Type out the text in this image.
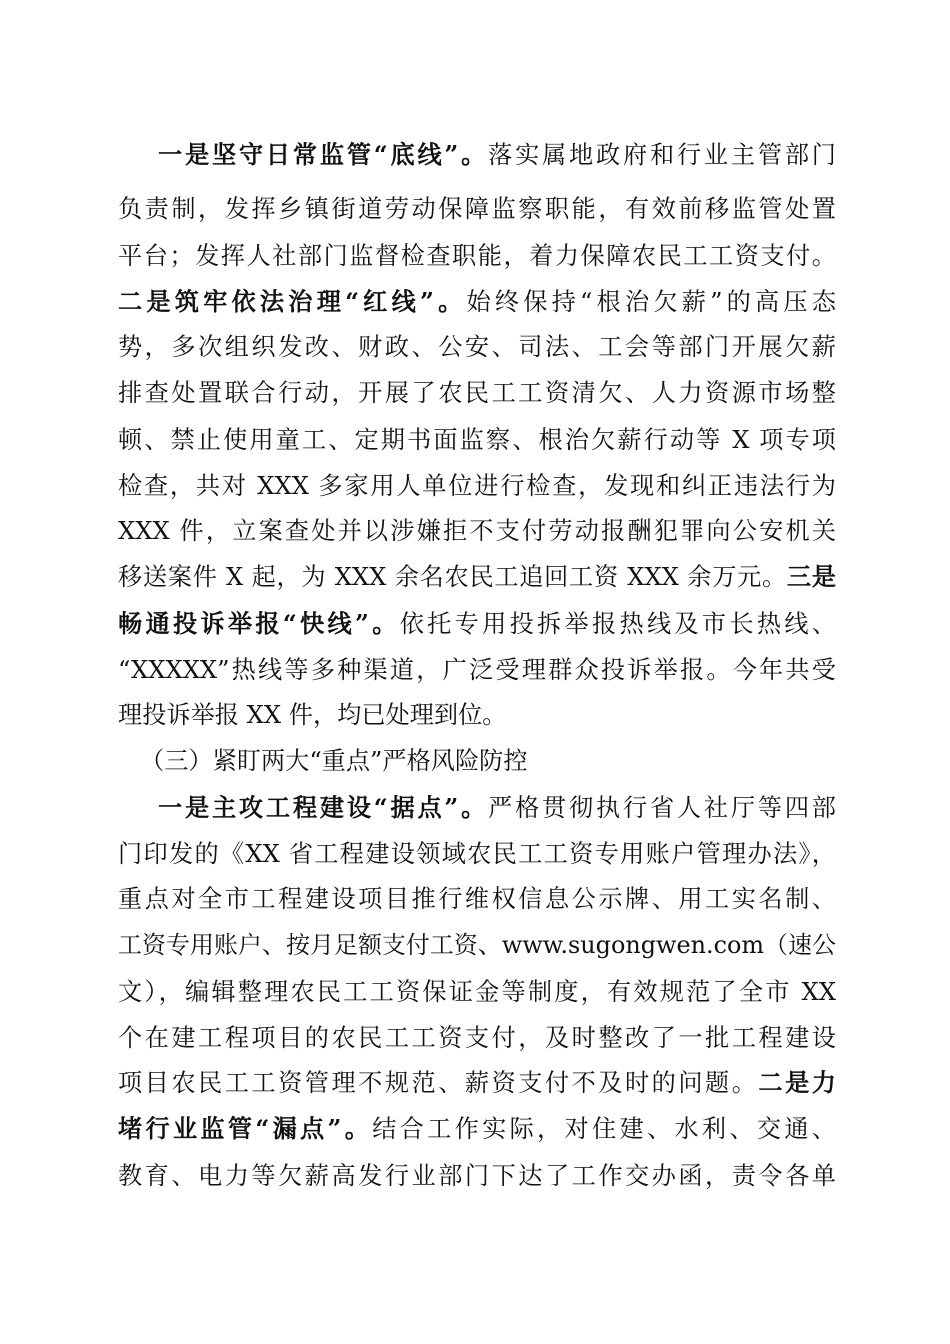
一是坚守日常监管“底线”。落实属地政府和行业主管部门
负责制，发挥乡镇街道劳动保障监察职能，有效前移监管处置
平台；发挥人社部门监督检查职能，着力保障农民工工资支付。
二是筑牢依法治理“红线”。始终保持“根治欠薪”的高压态
势，多次组织发改、财政、公安、司法、工会等部门开展欠薪
排查处置联合行动，开展了农民工工资清欠、人力资源市场整
顿、禁止使用童工、定期书面监察、根治欠薪行动等 X 项专项
检查，共对 XXX 多家用人单位进行检查，发现和纠正违法行为
XXX 件，立案查处并以涉嫌拒不支付劳动报酬犯罪向公安机关
移送案件 X 起，为 XXX 余名农民工追回工资 XXX 余万元。三是
畅通投诉举报“快线”。依托专用投拆举报热线及市长热线、
“XXXXX”热线等多种渠道，广泛受理群众投诉举报。今年共受
理投诉举报 XX 件，均已处理到位。
（三）紧盯两大“重点”严格风险防控
一是主攻工程建设“据点”。严格贯彻执行省人社厅等四部
门印发的《XX 省工程建设领域农民工工资专用账户管理办法》，
重点对全市工程建设项目推行维权信息公示牌、用工实名制、
工资专用账户、按月足额支付工资、www.sugongwen.com（速公
文），编辑整理农民工工资保证金等制度，有效规范了全市 XX
个在建工程项目的农民工工资支付，及时整改了一批工程建设
项目农民工工资管理不规范、薪资支付不及时的问题。二是力
堵行业监管“漏点”。结合工作实际，对住建、水利、交通、
教育、电力等欠薪高发行业部门下达了工作交办函，责令各单
